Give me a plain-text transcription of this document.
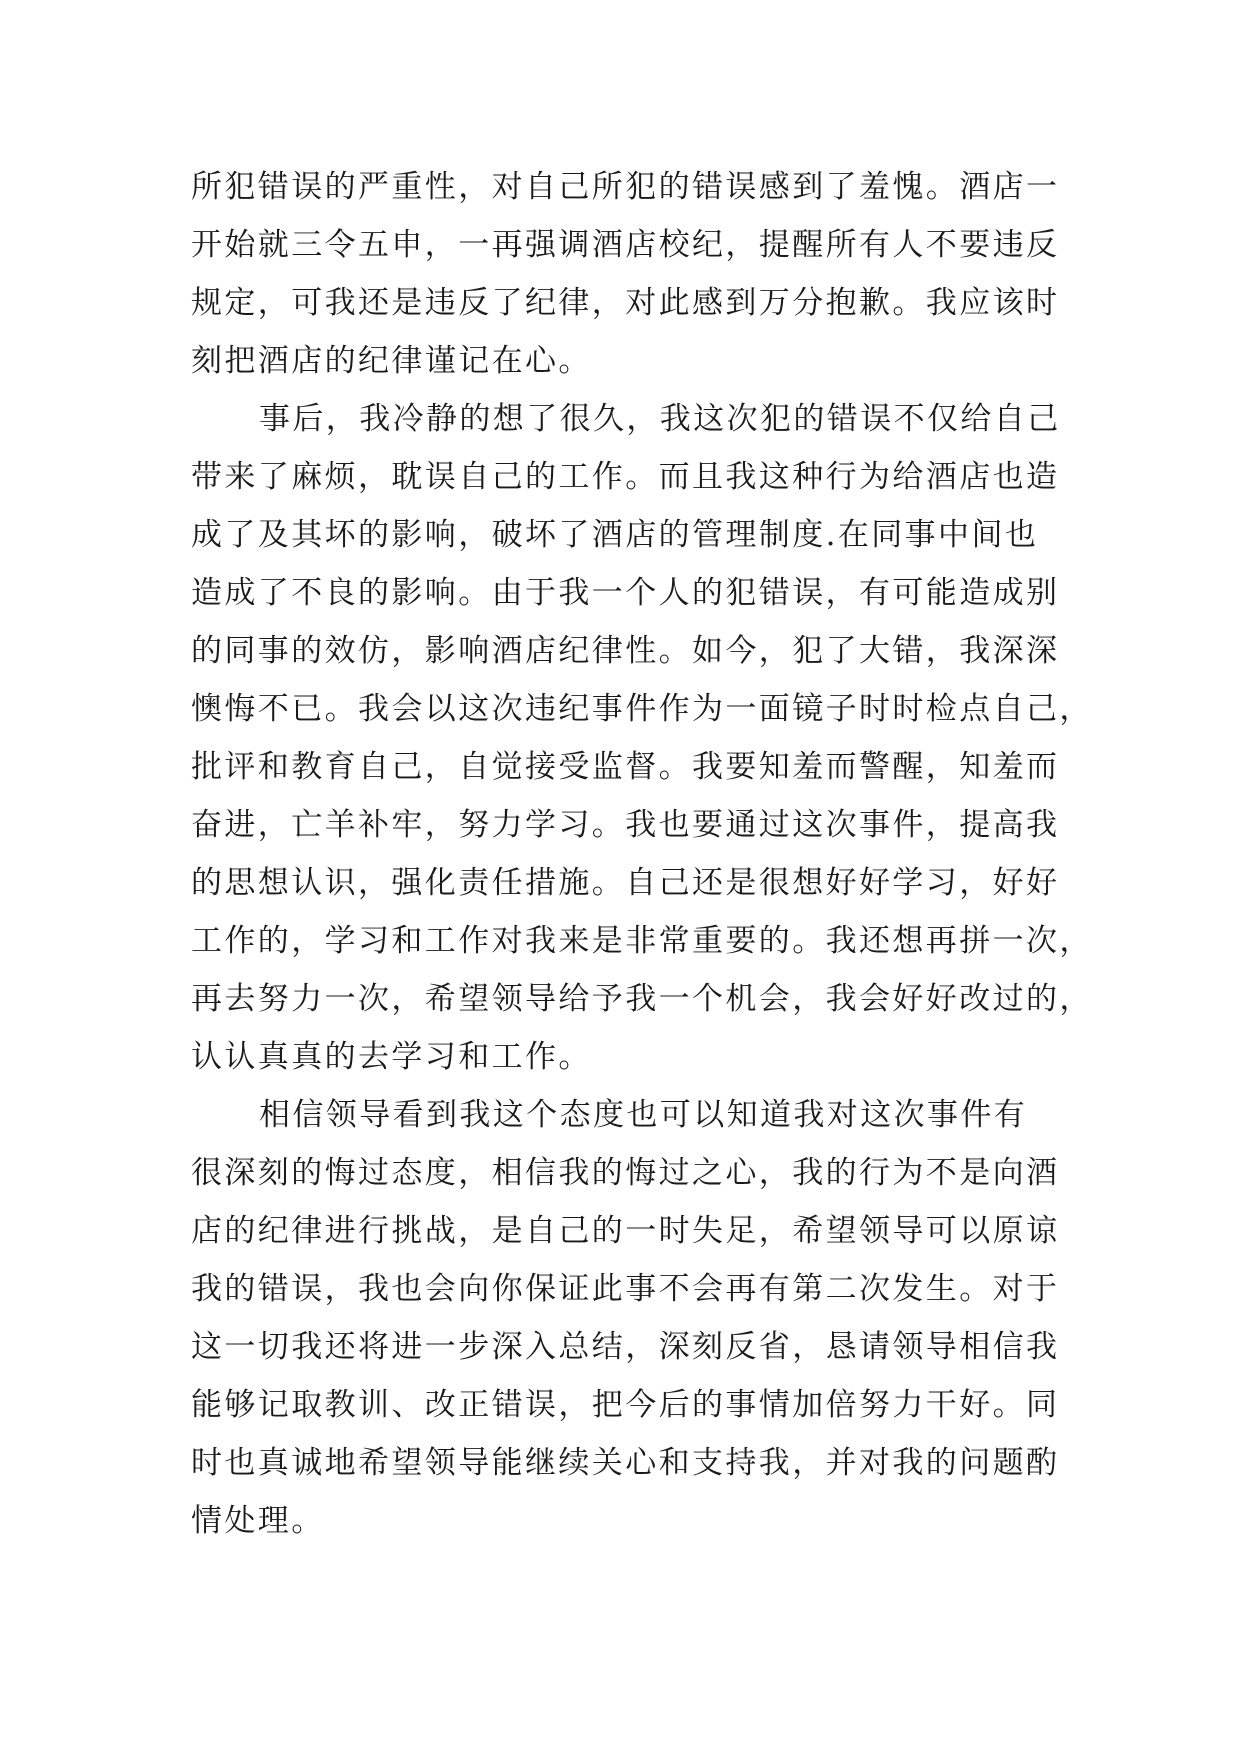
所犯错误的严重性，对自己所犯的错误感到了羞愧。酒店一
开始就三令五申，一再强调酒店校纪，提醒所有人不要违反
规定，可我还是违反了纪律，对此感到万分抱歉。我应该时
刻把酒店的纪律谨记在心。
事后，我冷静的想了很久，我这次犯的错误不仅给自己
带来了麻烦，耽误自己的工作。而且我这种行为给酒店也造
成了及其坏的影响，破坏了酒店的管理制度.在同事中间也
造成了不良的影响。由于我一个人的犯错误，有可能造成别
的同事的效仿，影响酒店纪律性。如今，犯了大错，我深深
懊悔不已。我会以这次违纪事件作为一面镜子时时检点自己，
批评和教育自己，自觉接受监督。我要知羞而警醒，知羞而
奋进，亡羊补牢，努力学习。我也要通过这次事件，提高我
的思想认识，强化责任措施。自己还是很想好好学习，好好
工作的，学习和工作对我来是非常重要的。我还想再拼一次，
再去努力一次，希望领导给予我一个机会，我会好好改过的，
认认真真的去学习和工作。
相信领导看到我这个态度也可以知道我对这次事件有
很深刻的悔过态度，相信我的悔过之心，我的行为不是向酒
店的纪律进行挑战，是自己的一时失足，希望领导可以原谅
我的错误，我也会向你保证此事不会再有第二次发生。对于
这一切我还将进一步深入总结，深刻反省，恳请领导相信我
能够记取教训、改正错误，把今后的事情加倍努力干好。同
时也真诚地希望领导能继续关心和支持我，并对我的问题酌
情处理。
